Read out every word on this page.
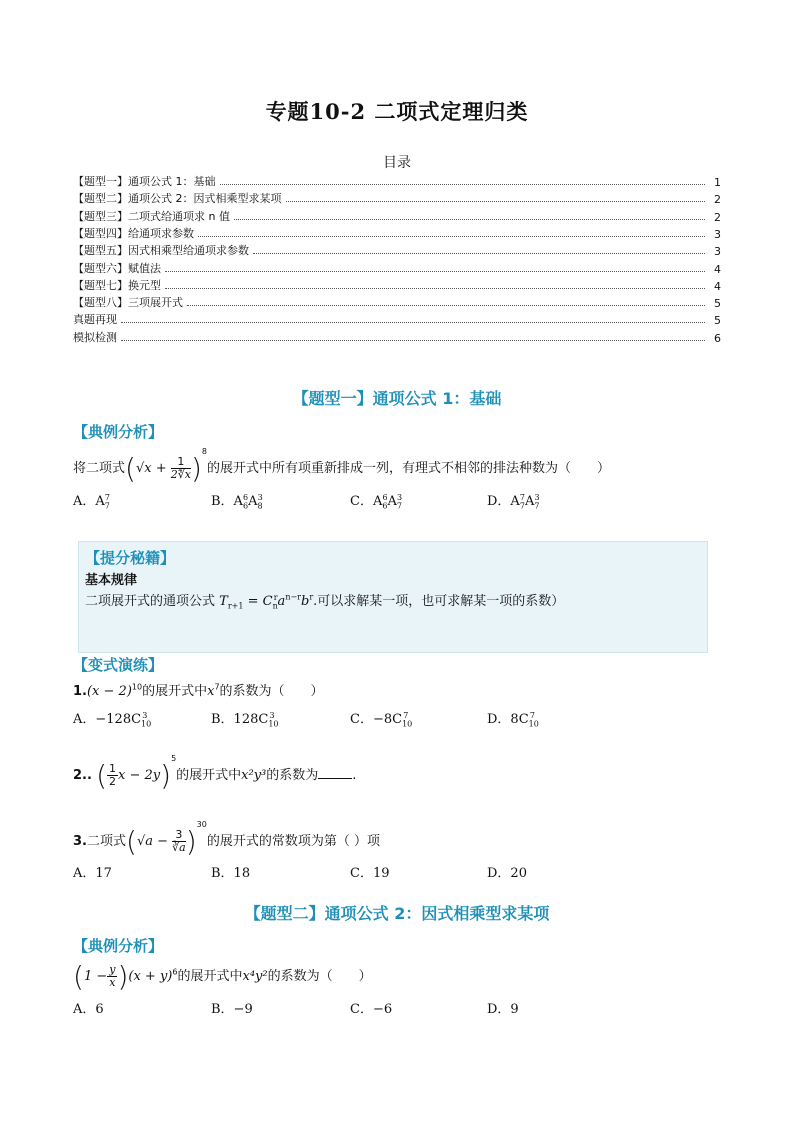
专题10-2 二项式定理归类
目录
【题型一】通项公式 1：基础	1
【题型二】通项公式 2：因式相乘型求某项	2
【题型三】二项式给通项求 n 值	2
【题型四】给通项求参数	3
【题型五】因式相乘型给通项求参数	3
【题型六】赋值法	4
【题型七】换元型	4
【题型八】三项展开式	5
真题再现	5
模拟检测	6
【题型一】通项公式 1：基础
【典例分析】
将二项式$(√x + \frac{1}{2∜x} )^8$的展开式中所有项重新排成一列，有理式不相邻的排法种数为（　　）
A．$A_7^7$	B．$A_6^6A_8^3$	C．$A_6^6A_7^3$	D．$A_7^7A_7^3$
【提分秘籍】
基本规律
二项展开式的通项公式 $T_{r+1} = C_n^ra^{n-r}b^r$.可以求解某一项，也可求解某一项的系数）
【变式演练】
$1.(x - 2)^{10}$的展开式中$x^7$的系数为（　　）
A．$-128C_{10}^3$	B．$128C_{10}^3$	C．$-8C_{10}^7$	D．$8C_{10}^7$
2.. ( $\frac{1}{2}$ x − 2y)$^5$的展开式中x²y³的系数为	.
3.二项式$(√a - \frac{3}{∛a} )^{30}$的展开式的常数项为第（ ）项
A．17	B．18	C．19	D．20
【题型二】通项公式 2：因式相乘型求某项
【典例分析】
$(1 - \frac{y}{x} )(x + y)^6$的展开式中x⁴y²的系数为（　　）
A．6	B．−9	C．−6	D．9
